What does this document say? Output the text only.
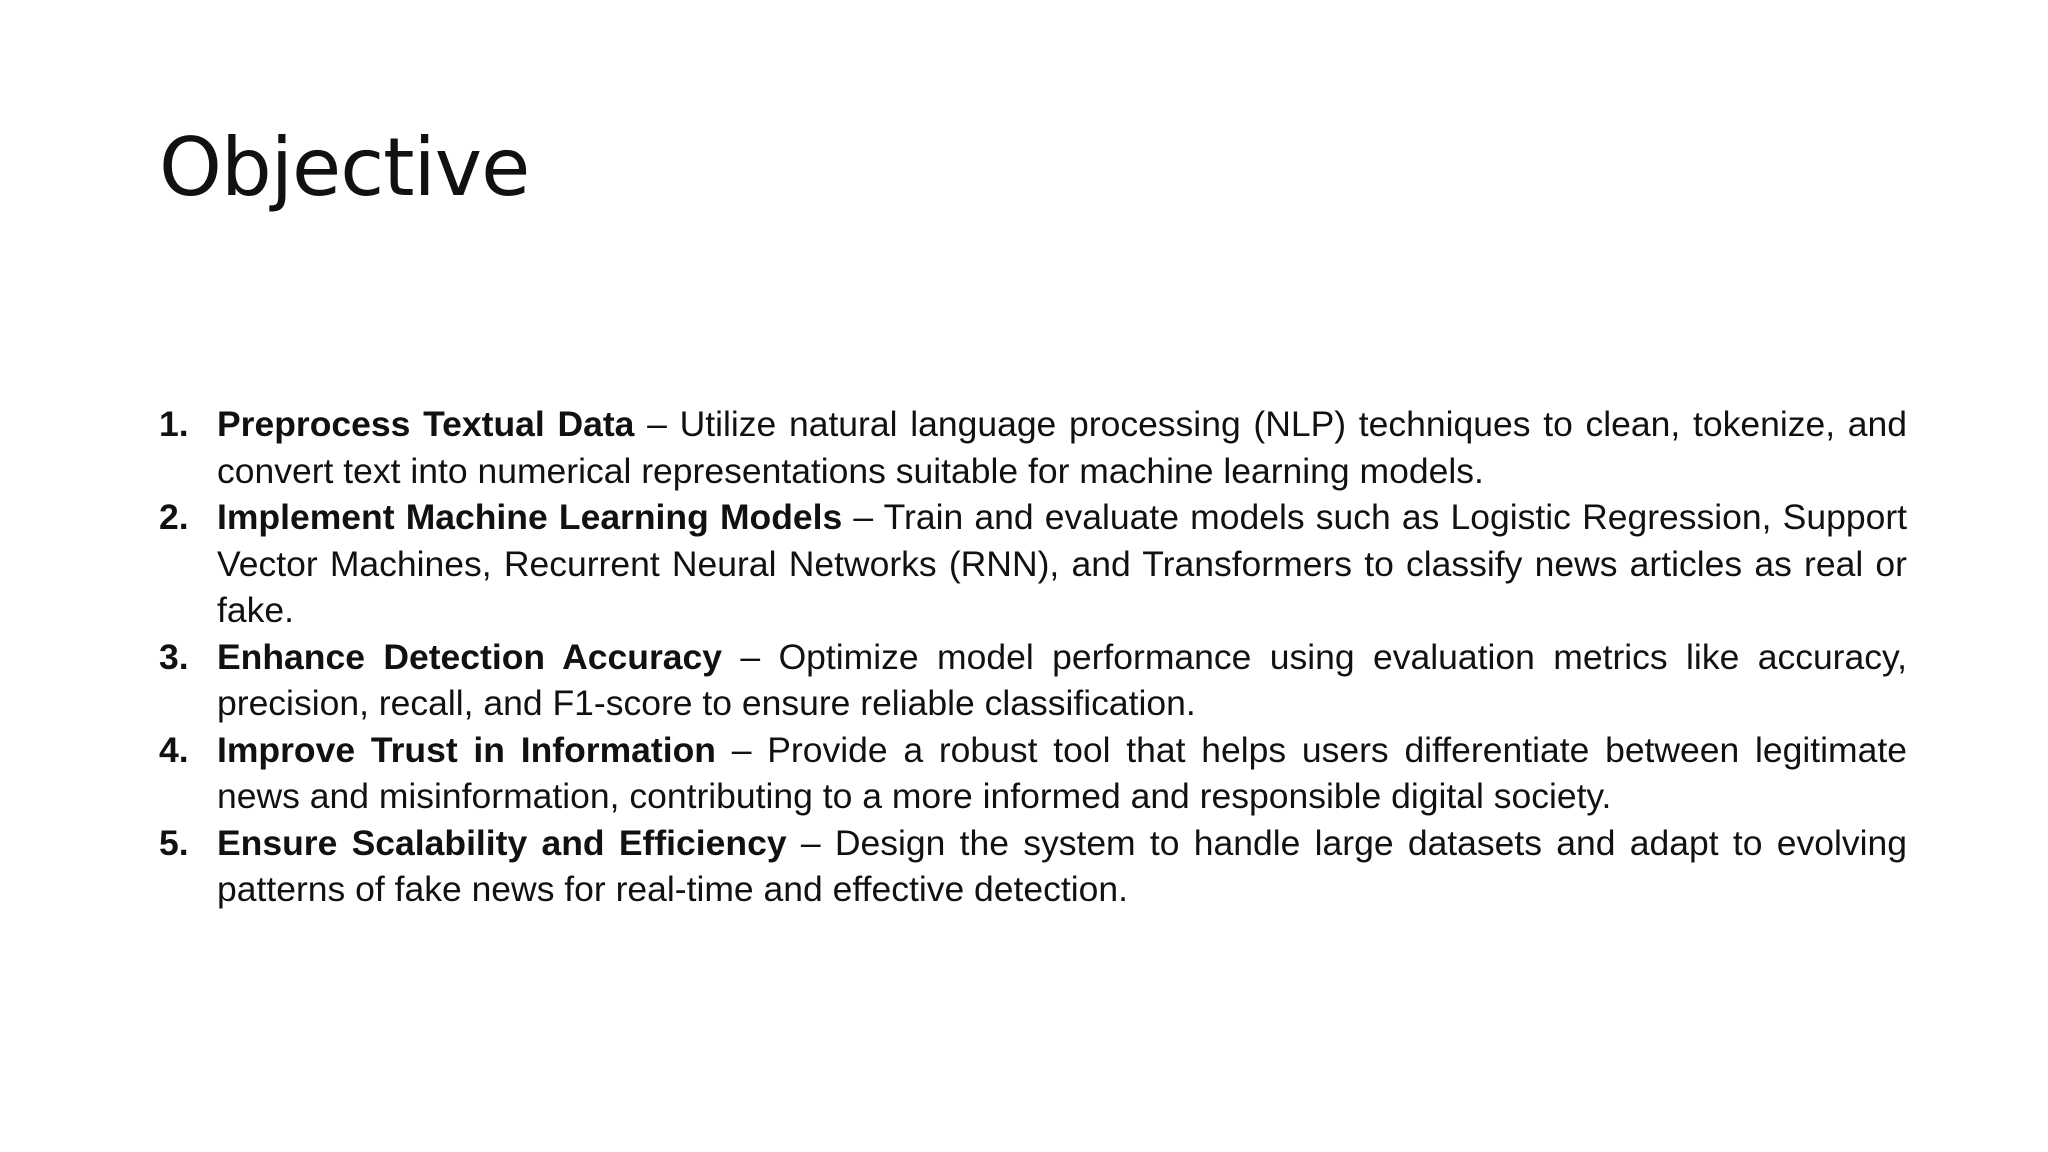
Objective
1. Preprocess Textual Data – Utilize natural language processing (NLP) techniques to clean, tokenize, and convert text into numerical representations suitable for machine learning models.
2. Implement Machine Learning Models – Train and evaluate models such as Logistic Regression, Support Vector Machines, Recurrent Neural Networks (RNN), and Transformers to classify news articles as real or fake.
3. Enhance Detection Accuracy – Optimize model performance using evaluation metrics like accuracy, precision, recall, and F1-score to ensure reliable classification.
4. Improve Trust in Information – Provide a robust tool that helps users differentiate between legitimate news and misinformation, contributing to a more informed and responsible digital society.
5. Ensure Scalability and Efficiency – Design the system to handle large datasets and adapt to evolving patterns of fake news for real-time and effective detection.
